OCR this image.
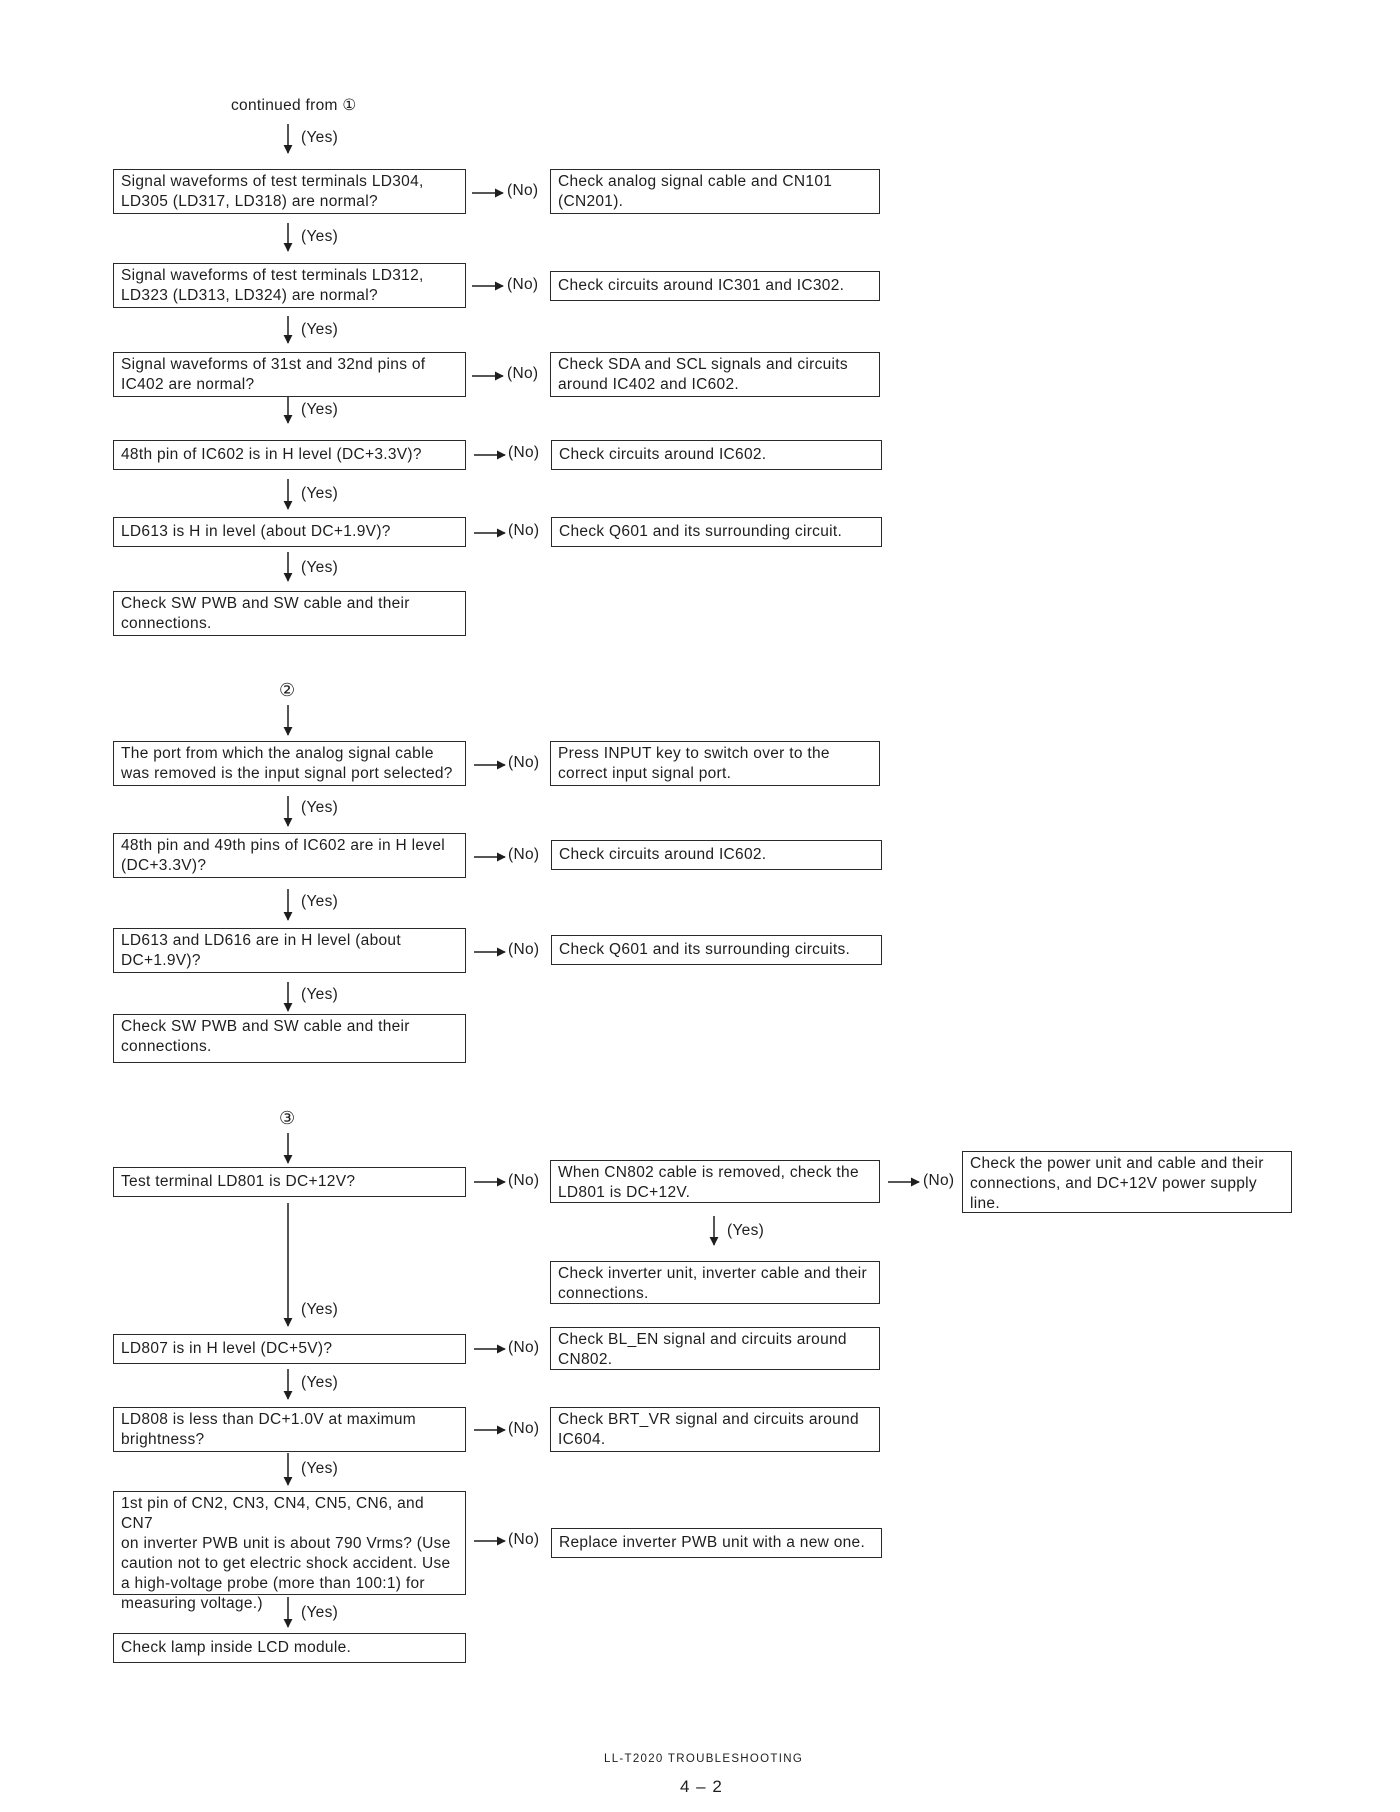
continued from ①
(Yes)
Signal waveforms of test terminals LD304,
LD305 (LD317, LD318) are normal?
(No)
Check analog signal cable and CN101
(CN201).
(Yes)
Signal waveforms of test terminals LD312,
LD323 (LD313, LD324) are normal?
(No) Check circuits around IC301 and IC302.
(Yes)
Signal waveforms of 31st and 32nd pins of
IC402 are normal?
(No)
Check SDA and SCL signals and circuits
around IC402 and IC602.
(Yes)
48th pin of IC602 is in H level (DC+3.3V)?	(No) Check circuits around IC602.
(Yes)
LD613 is H in level (about DC+1.9V)?	(No) Check Q601 and its surrounding circuit.
(Yes)
Check SW PWB and SW cable and their
connections.
②
The port from which the analog signal cable
was removed is the input signal port selected?
(No)
Press INPUT key to switch over to the
correct input signal port.
(Yes)
48th pin and 49th pins of IC602 are in H level
(DC+3.3V)?
(No) Check circuits around IC602.
(Yes)
LD613 and LD616 are in H level (about
DC+1.9V)?
(No) Check Q601 and its surrounding circuits.
(Yes)
Check SW PWB and SW cable and their
connections.
③
Test terminal LD801 is DC+12V?	(No)	When CN802 cable is removed, check the
LD801 is DC+12V.
(No)
Check the power unit and cable and their
connections, and DC+12V power supply
line.
(Yes)
Check inverter unit, inverter cable and their
connections.
(Yes)
LD807 is in H level (DC+5V)?	(No)	Check BL_EN signal and circuits around
CN802.
(Yes)
LD808 is less than DC+1.0V at maximum
brightness?
(No)
Check BRT_VR signal and circuits around
IC604.
(Yes)
1st pin of CN2, CN3, CN4, CN5, CN6, and CN7
on inverter PWB unit is about 790 Vrms? (Use
caution not to get electric shock accident. Use
a high-voltage probe (more than 100:1) for
measuring voltage.)
(No) Replace inverter PWB unit with a new one.
(Yes)
Check lamp inside LCD module.
LL-T2020 TROUBLESHOOTING
4 – 2
